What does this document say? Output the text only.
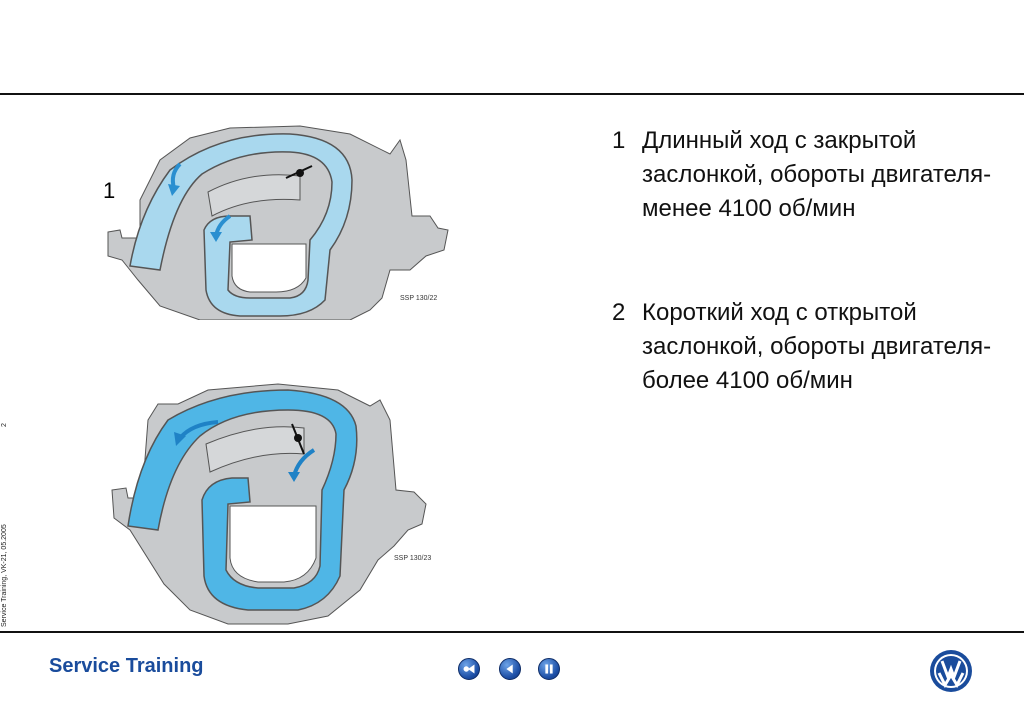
2
Service Training, VK-21, 05.2005
SSP 130/22
1
SSP 130/23
1 Длинный ход с закрытой заслонкой, обороты двигателя- менее 4100 об/мин
2 Короткий ход с открытой заслонкой, обороты двигателя- более 4100 об/мин
Service Training
